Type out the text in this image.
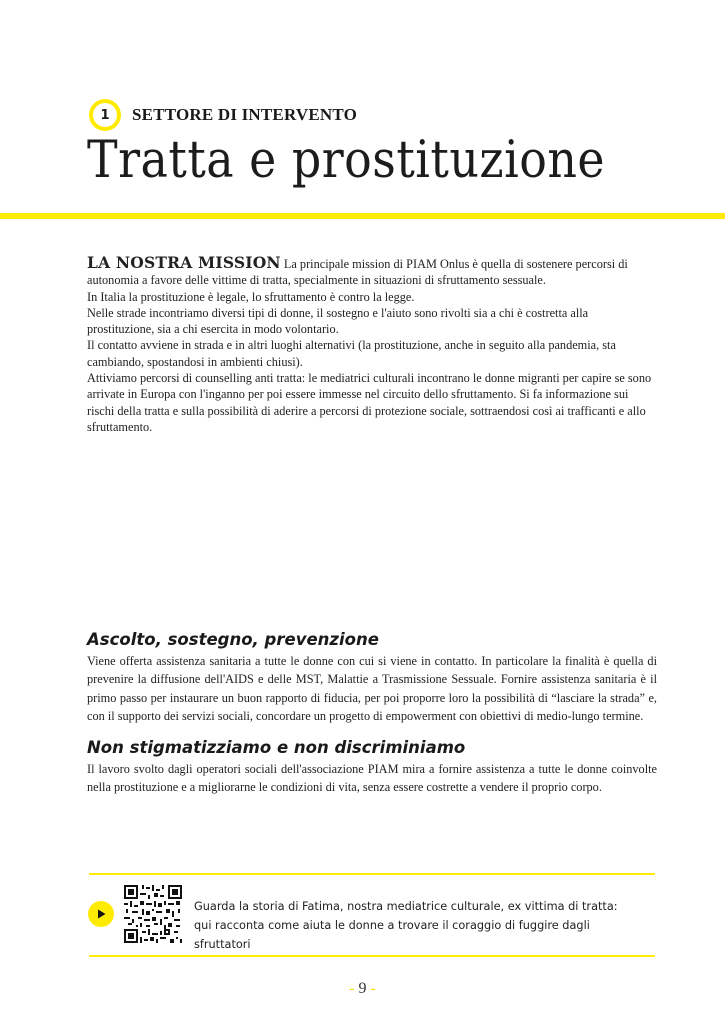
1	SETTORE DI INTERVENTO
Tratta e prostituzione

LA NOSTRA MISSION La principale mission di PIAM Onlus è quella di sostenere percorsi di autonomia a favore delle vittime di tratta, specialmente in situazioni di sfruttamento sessuale.

In Italia la prostituzione è legale, lo sfruttamento è contro la legge.

Nelle strade incontriamo diversi tipi di donne, il sostegno e l'aiuto sono rivolti sia a chi è costretta alla prostituzione, sia a chi esercita in modo volontario.

Il contatto avviene in strada e in altri luoghi alternativi (la prostituzione, anche in seguito alla pandemia, sta cambiando, spostandosi in ambienti chiusi).

Attiviamo percorsi di counselling anti tratta: le mediatrici culturali incontrano le donne migranti per capire se sono arrivate in Europa con l'inganno per poi essere immesse nel circuito dello sfruttamento. Si fa informazione sui rischi della tratta e sulla possibilità di aderire a percorsi di protezione sociale, sottraendosi così ai trafficanti e allo sfruttamento.

Ascolto, sostegno, prevenzione

Viene offerta assistenza sanitaria a tutte le donne con cui si viene in contatto. In particolare la finalità è quella di prevenire la diffusione dell'AIDS e delle MST, Malattie a Trasmissione Sessuale. Fornire assistenza sanitaria è il primo passo per instaurare un buon rapporto di fiducia, per poi proporre loro la possibilità di “lasciare la strada” e, con il supporto dei servizi sociali, concordare un progetto di empowerment con obiettivi di medio-lungo termine.

Non stigmatizziamo e non discriminiamo

Il lavoro svolto dagli operatori sociali dell'associazione PIAM mira a fornire assistenza a tutte le donne coinvolte nella prostituzione e a migliorarne le condizioni di vita, senza essere costrette a vendere il proprio corpo.

Guarda la storia di Fatima, nostra mediatrice culturale, ex vittima di tratta: qui racconta come aiuta le donne a trovare il coraggio di fuggire dagli sfruttatori

- 9 -
